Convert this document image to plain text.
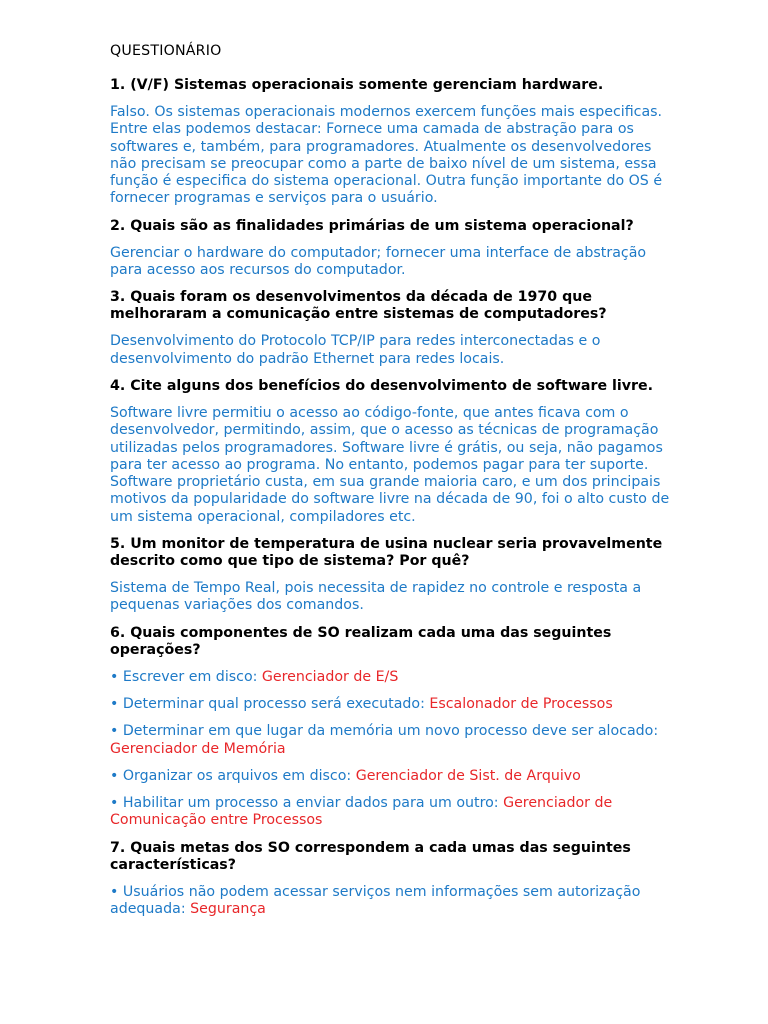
QUESTIONÁRIO
1. (V/F) Sistemas operacionais somente gerenciam hardware.
Falso. Os sistemas operacionais modernos exercem funções mais especificas. Entre elas podemos destacar: Fornece uma camada de abstração para os softwares e, também, para programadores. Atualmente os desenvolvedores não precisam se preocupar como a parte de baixo nível de um sistema, essa função é especifica do sistema operacional. Outra função importante do OS é fornecer programas e serviços para o usuário.
2. Quais são as finalidades primárias de um sistema operacional?
Gerenciar o hardware do computador; fornecer uma interface de abstração para acesso aos recursos do computador.
3. Quais foram os desenvolvimentos da década de 1970 que melhoraram a comunicação entre sistemas de computadores?
Desenvolvimento do Protocolo TCP/IP para redes interconectadas e o desenvolvimento do padrão Ethernet para redes locais.
4. Cite alguns dos benefícios do desenvolvimento de software livre.
Software livre permitiu o acesso ao código-fonte, que antes ficava com o desenvolvedor, permitindo, assim, que o acesso as técnicas de programação utilizadas pelos programadores. Software livre é grátis, ou seja, não pagamos para ter acesso ao programa. No entanto, podemos pagar para ter suporte. Software proprietário custa, em sua grande maioria caro, e um dos principais motivos da popularidade do software livre na década de 90, foi o alto custo de um sistema operacional, compiladores etc.
5. Um monitor de temperatura de usina nuclear seria provavelmente descrito como que tipo de sistema? Por quê?
Sistema de Tempo Real, pois necessita de rapidez no controle e resposta a pequenas variações dos comandos.
6. Quais componentes de SO realizam cada uma das seguintes operações?
• Escrever em disco: Gerenciador de E/S
• Determinar qual processo será executado: Escalonador de Processos
• Determinar em que lugar da memória um novo processo deve ser alocado: Gerenciador de Memória
• Organizar os arquivos em disco: Gerenciador de Sist. de Arquivo
• Habilitar um processo a enviar dados para um outro: Gerenciador de Comunicação entre Processos
7. Quais metas dos SO correspondem a cada umas das seguintes características?
• Usuários não podem acessar serviços nem informações sem autorização adequada: Segurança
